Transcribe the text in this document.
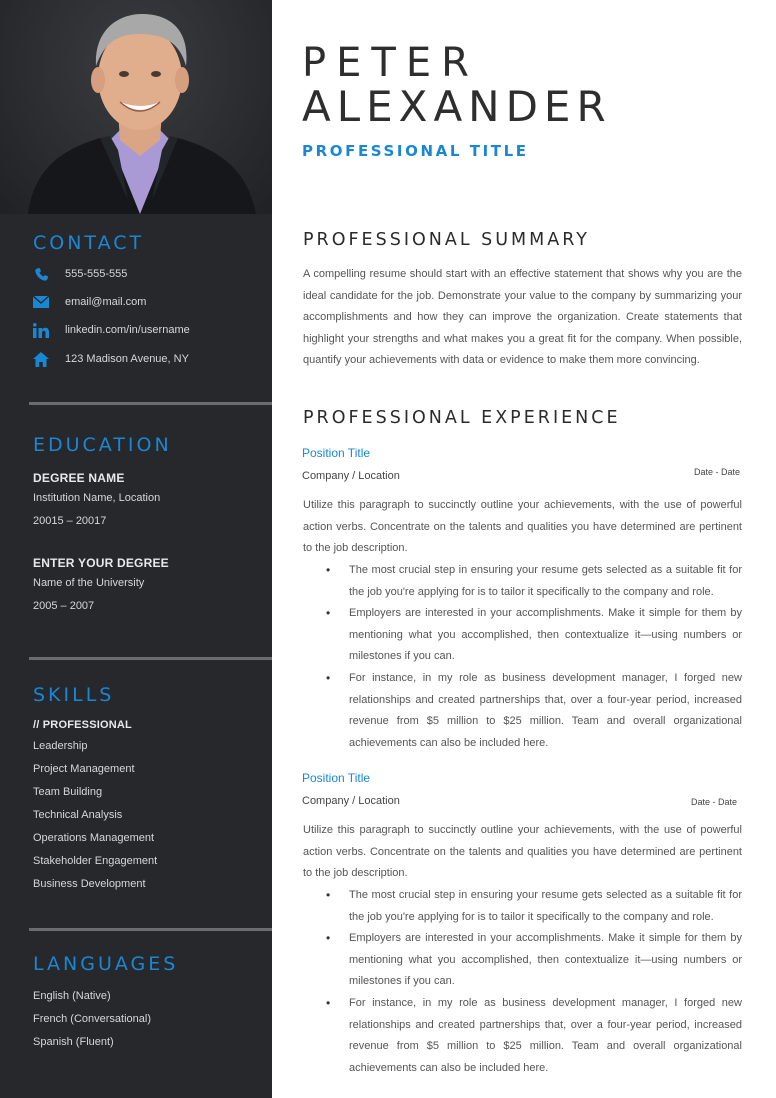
CONTACT
555-555-555
email@mail.com
linkedin.com/in/username
123 Madison Avenue, NY
EDUCATION
DEGREE NAME
Institution Name, Location
20015 – 20017
ENTER YOUR DEGREE
Name of the University
2005 – 2007
SKILLS
// PROFESSIONAL
Leadership
Project Management
Team Building
Technical Analysis
Operations Management
Stakeholder Engagement
Business Development
LANGUAGES
English (Native)
French (Conversational)
Spanish (Fluent)
PETER
ALEXANDER
PROFESSIONAL TITLE
PROFESSIONAL SUMMARY
A compelling resume should start with an effective statement that shows why you are the ideal candidate for the job. Demonstrate your value to the company by summarizing your accomplishments and how they can improve the organization. Create statements that highlight your strengths and what makes you a great fit for the company. When possible, quantify your achievements with data or evidence to make them more convincing.
PROFESSIONAL EXPERIENCE
Position Title
Company / Location	Date - Date
Utilize this paragraph to succinctly outline your achievements, with the use of powerful action verbs. Concentrate on the talents and qualities you have determined are pertinent to the job description.
• The most crucial step in ensuring your resume gets selected as a suitable fit for the job you're applying for is to tailor it specifically to the company and role.
• Employers are interested in your accomplishments. Make it simple for them by mentioning what you accomplished, then contextualize it—using numbers or milestones if you can.
• For instance, in my role as business development manager, I forged new relationships and created partnerships that, over a four-year period, increased revenue from $5 million to $25 million. Team and overall organizational achievements can also be included here.
Position Title
Company / Location	Date - Date
Utilize this paragraph to succinctly outline your achievements, with the use of powerful action verbs. Concentrate on the talents and qualities you have determined are pertinent to the job description.
• The most crucial step in ensuring your resume gets selected as a suitable fit for the job you're applying for is to tailor it specifically to the company and role.
• Employers are interested in your accomplishments. Make it simple for them by mentioning what you accomplished, then contextualize it—using numbers or milestones if you can.
• For instance, in my role as business development manager, I forged new relationships and created partnerships that, over a four-year period, increased revenue from $5 million to $25 million. Team and overall organizational achievements can also be included here.
